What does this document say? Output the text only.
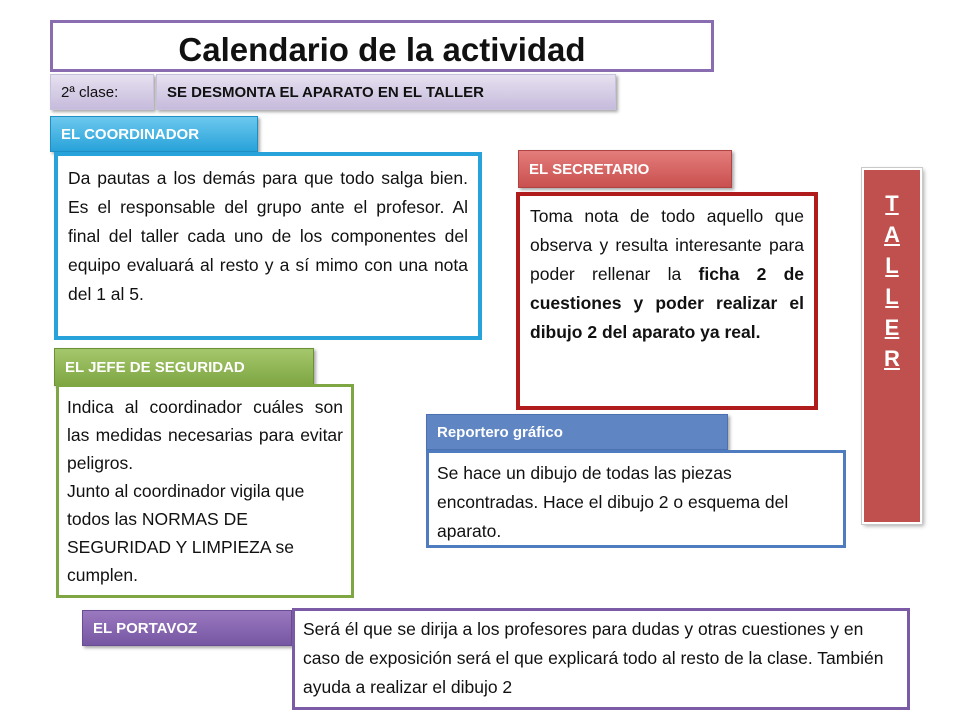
Calendario de la actividad
2ª clase:	SE DESMONTA EL APARATO EN EL TALLER
EL COORDINADOR
Da pautas a los demás para que todo salga bien. Es el responsable del grupo ante el profesor. Al final del taller cada uno de los componentes del equipo evaluará al resto y a sí mimo con una nota del 1 al 5.
EL SECRETARIO
Toma nota de todo aquello que observa y resulta interesante para poder rellenar la ficha 2 de cuestiones y poder realizar el dibujo 2 del aparato ya real.
T
A
L
L
E
R
EL JEFE DE SEGURIDAD
Indica al coordinador cuáles son las medidas necesarias para evitar peligros.
Junto al coordinador vigila que todos las NORMAS DE SEGURIDAD Y LIMPIEZA se cumplen.
Reportero gráfico
Se hace un dibujo de todas las piezas encontradas. Hace el dibujo 2 o esquema del aparato.
EL PORTAVOZ	Será él que se dirija a los profesores para dudas y otras cuestiones y en caso de exposición será el que explicará todo al resto de la clase. También ayuda a realizar el dibujo 2
